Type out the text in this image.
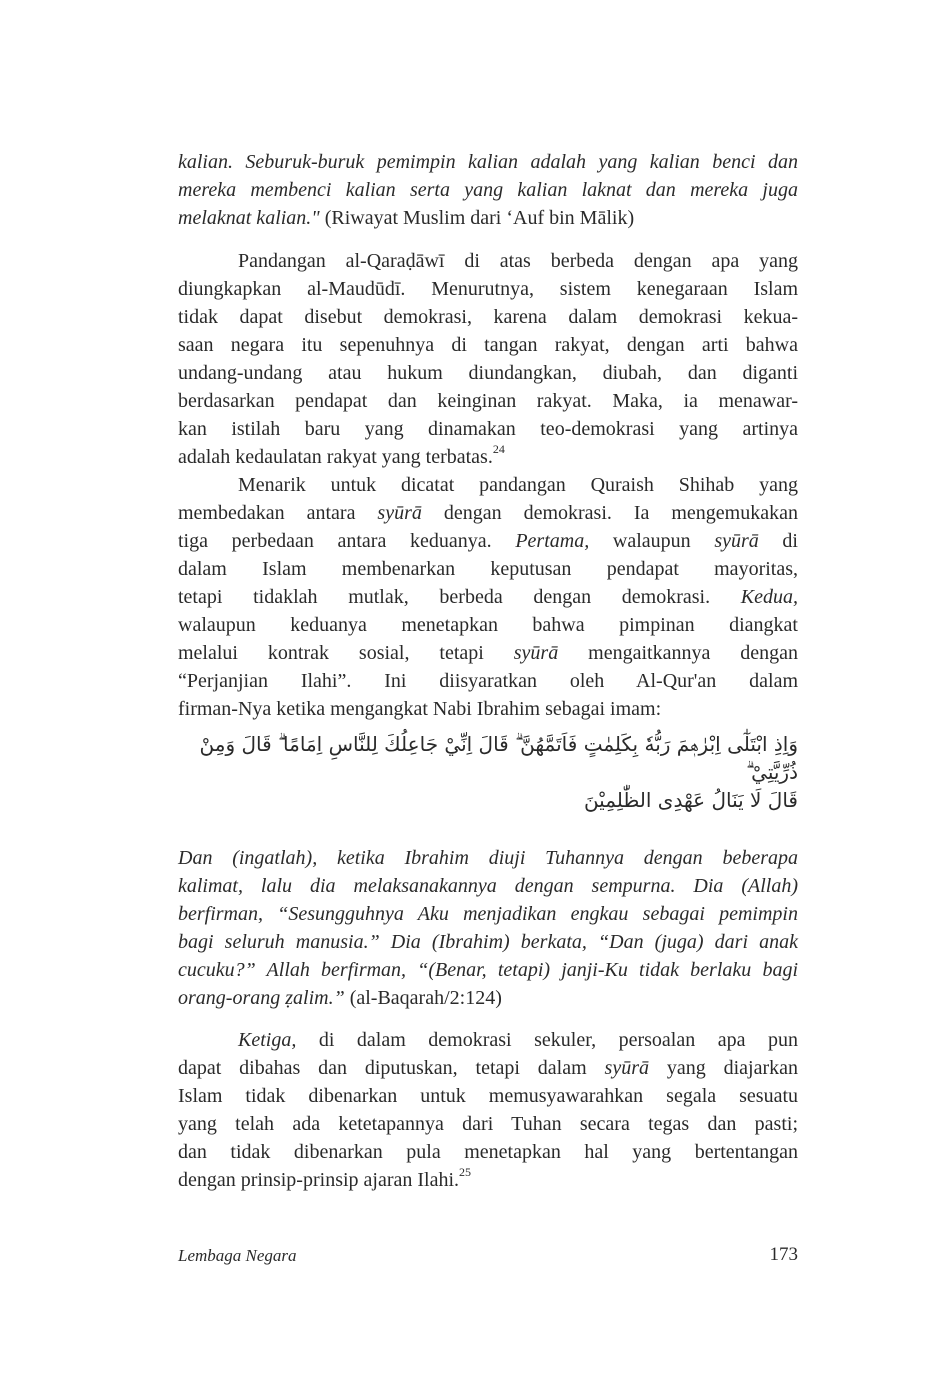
kalian. Seburuk-buruk pemimpin kalian adalah yang kalian benci dan
mereka membenci kalian serta yang kalian laknat dan mereka juga
melaknat kalian." (Riwayat Muslim dari ‘Auf bin Mālik)
Pandangan al-Qaraḍāwī di atas berbeda dengan apa yang
diungkapkan al-Maudūdī. Menurutnya, sistem kenegaraan Islam
tidak dapat disebut demokrasi, karena dalam demokrasi kekua-
saan negara itu sepenuhnya di tangan rakyat, dengan arti bahwa
undang-undang atau hukum diundangkan, diubah, dan diganti
berdasarkan pendapat dan keinginan rakyat. Maka, ia menawar-
kan istilah baru yang dinamakan teo-demokrasi yang artinya
adalah kedaulatan rakyat yang terbatas.$^{24}$
Menarik untuk dicatat pandangan Quraish Shihab yang
membedakan antara syūrā dengan demokrasi. Ia mengemukakan
tiga perbedaan antara keduanya. Pertama, walaupun syūrā di
dalam Islam membenarkan keputusan pendapat mayoritas,
tetapi tidaklah mutlak, berbeda dengan demokrasi. Kedua,
walaupun keduanya menetapkan bahwa pimpinan diangkat
melalui kontrak sosial, tetapi syūrā mengaitkannya dengan
“Perjanjian Ilahi”. Ini diisyaratkan oleh Al-Qur'an dalam
firman-Nya ketika mengangkat Nabi Ibrahim sebagai imam:
وَاِذِ ابْتَلٰٓى اِبْرٰهٖمَ رَبُّهٗ بِكَلِمٰتٍ فَاَتَمَّهُنَّ ۗ قَالَ اِنِّيْ جَاعِلُكَ لِلنَّاسِ اِمَامًا ۗ قَالَ وَمِنْ ذُرِّيَّتِيْ ۗ
قَالَ لَا يَنَالُ عَهْدِى الظّٰلِمِيْنَ
Dan (ingatlah), ketika Ibrahim diuji Tuhannya dengan beberapa
kalimat, lalu dia melaksanakannya dengan sempurna. Dia (Allah)
berfirman, “Sesungguhnya Aku menjadikan engkau sebagai pemimpin
bagi seluruh manusia.” Dia (Ibrahim) berkata, “Dan (juga) dari anak
cucuku?” Allah berfirman, “(Benar, tetapi) janji-Ku tidak berlaku bagi
orang-orang ẓalim.” (al-Baqarah/2:124)
Ketiga, di dalam demokrasi sekuler, persoalan apa pun
dapat dibahas dan diputuskan, tetapi dalam syūrā yang diajarkan
Islam tidak dibenarkan untuk memusyawarahkan segala sesuatu
yang telah ada ketetapannya dari Tuhan secara tegas dan pasti;
dan tidak dibenarkan pula menetapkan hal yang bertentangan
dengan prinsip-prinsip ajaran Ilahi.$^{25}$
Lembaga Negara	173
